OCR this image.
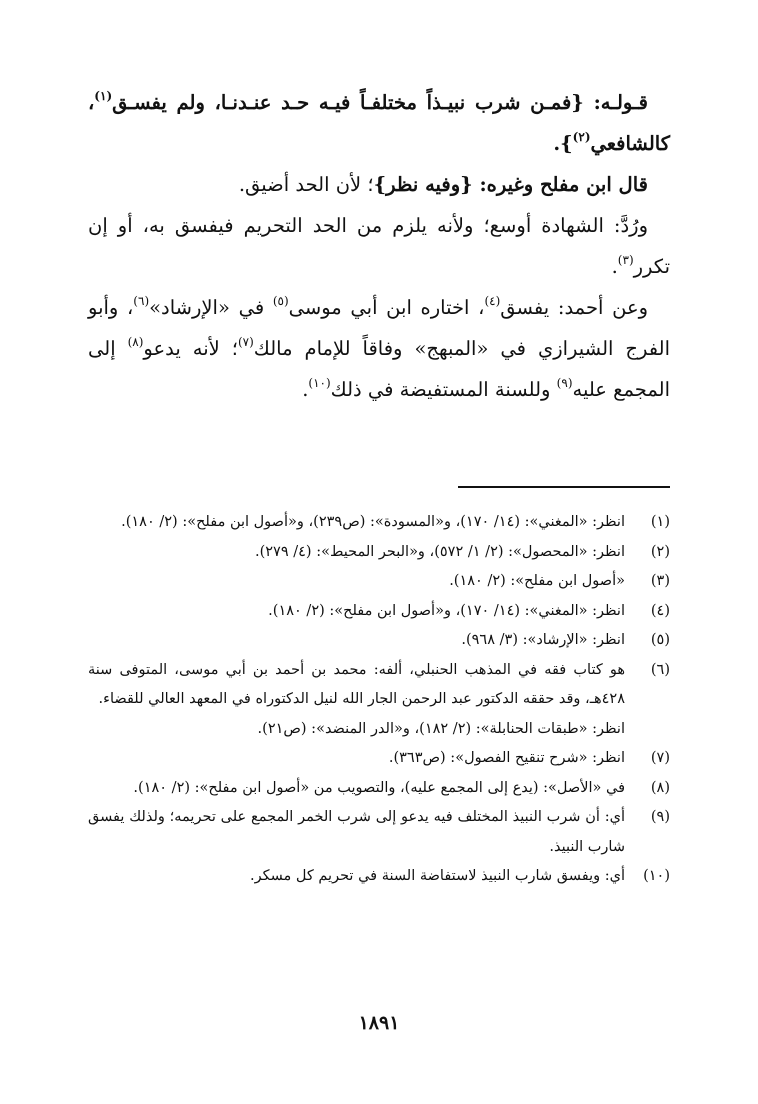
قـولـه: {فمـن شرب نبيـذاً مختلفـاً فيـه حـد عنـدنـا، ولم يفسـق$^{(١)}$، كالشافعي$^{(٢)}$}.

قال ابن مفلح وغيره: {وفيه نظر}؛ لأن الحد أضيق.

ورُدَّ: الشهادة أوسع؛ ولأنه يلزم من الحد التحريم فيفسق به، أو إن تكرر$^{(٣)}$.

وعن أحمد: يفسق$^{(٤)}$، اختاره ابن أبي موسى$^{(٥)}$ في «الإرشاد»$^{(٦)}$، وأبو الفرج الشيرازي في «المبهج» وفاقاً للإمام مالك$^{(٧)}$؛ لأنه يدعو$^{(٨)}$ إلى المجمع عليه$^{(٩)}$ وللسنة المستفيضة في ذلك$^{(١٠)}$.

(١)
انظر: «المغني»: (١٤/ ١٧٠)، و«المسودة»: (ص٢٣٩)، و«أصول ابن مفلح»: (٢/ ١٨٠).
(٢)
انظر: «المحصول»: (٢/ ١/ ٥٧٢)، و«البحر المحيط»: (٤/ ٢٧٩).
(٣)
«أصول ابن مفلح»: (٢/ ١٨٠).
(٤)
انظر: «المغني»: (١٤/ ١٧٠)، و«أصول ابن مفلح»: (٢/ ١٨٠).
(٥)
انظر: «الإرشاد»: (٣/ ٩٦٨).
(٦)
هو كتاب فقه في المذهب الحنبلي، ألفه: محمد بن أحمد بن أبي موسى، المتوفى سنة ٤٢٨هـ، وقد حققه الدكتور عبد الرحمن الجار الله لنيل الدكتوراه في المعهد العالي للقضاء.
انظر: «طبقات الحنابلة»: (٢/ ١٨٢)، و«الدر المنضد»: (ص٢١).
(٧)
انظر: «شرح تنقيح الفصول»: (ص٣٦٣).
(٨)
في «الأصل»: (يدع إلى المجمع عليه)، والتصويب من «أصول ابن مفلح»: (٢/ ١٨٠).
(٩)
أي: أن شرب النبيذ المختلف فيه يدعو إلى شرب الخمر المجمع على تحريمه؛ ولذلك يفسق شارب النبيذ.
(١٠)
أي: ويفسق شارب النبيذ لاستفاضة السنة في تحريم كل مسكر.
١٨٩١
